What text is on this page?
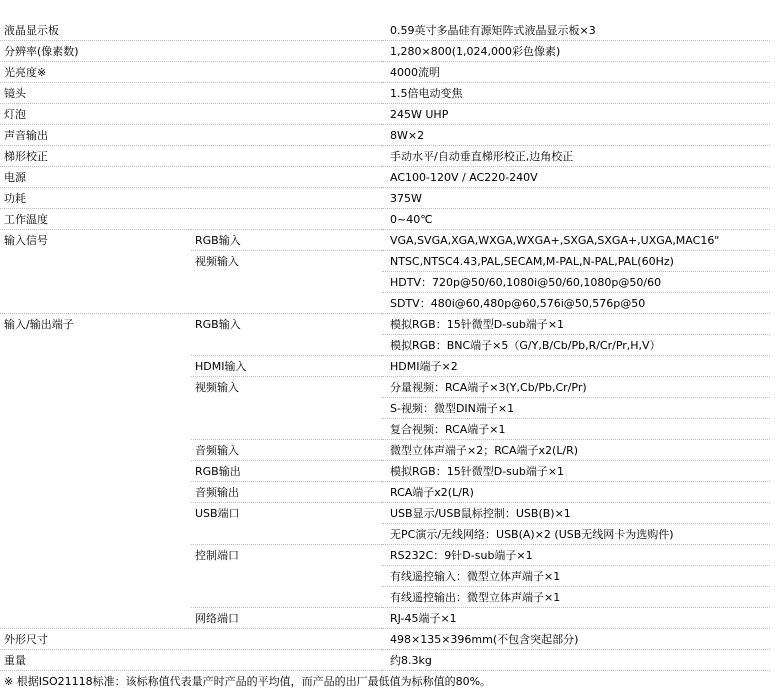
液晶显示板		0.59英寸多晶硅有源矩阵式液晶显示板×3
分辨率(像素数)		1,280×800(1,024,000彩色像素)
光亮度※		4000流明
镜头		1.5倍电动变焦
灯泡		245W UHP
声音输出		8W×2
梯形校正		手动水平/自动垂直梯形校正,边角校正
电源		AC100-120V / AC220-240V
功耗		375W
工作温度		0~40℃
输入信号	RGB输入	VGA,SVGA,XGA,WXGA,WXGA+,SXGA,SXGA+,UXGA,MAC16"
	视频输入	NTSC,NTSC4.43,PAL,SECAM,M-PAL,N-PAL,PAL(60Hz)
		HDTV：720p@50/60,1080i@50/60,1080p@50/60
		SDTV：480i@60,480p@60,576i@50,576p@50
输入/输出端子	RGB输入	模拟RGB：15针微型D-sub端子×1
		模拟RGB：BNC端子×5（G/Y,B/Cb/Pb,R/Cr/Pr,H,V）
	HDMI输入	HDMI端子×2
	视频输入	分量视频：RCA端子×3(Y,Cb/Pb,Cr/Pr)
		S-视频：微型DIN端子×1
		复合视频：RCA端子×1
	音频输入	微型立体声端子×2；RCA端子x2(L/R)
	RGB输出	模拟RGB：15针微型D-sub端子×1
	音频输出	RCA端子x2(L/R)
	USB端口	USB显示/USB鼠标控制：USB(B)×1
		无PC演示/无线网络：USB(A)×2 (USB无线网卡为选购件)
	控制端口	RS232C：9针D-sub端子×1
		有线遥控输入：微型立体声端子×1
		有线遥控输出：微型立体声端子×1
	网络端口	RJ-45端子×1
外形尺寸		498×135×396mm(不包含突起部分)
重量		约8.3kg
※ 根据ISO21118标准：该标称值代表量产时产品的平均值，而产品的出厂最低值为标称值的80%。		
